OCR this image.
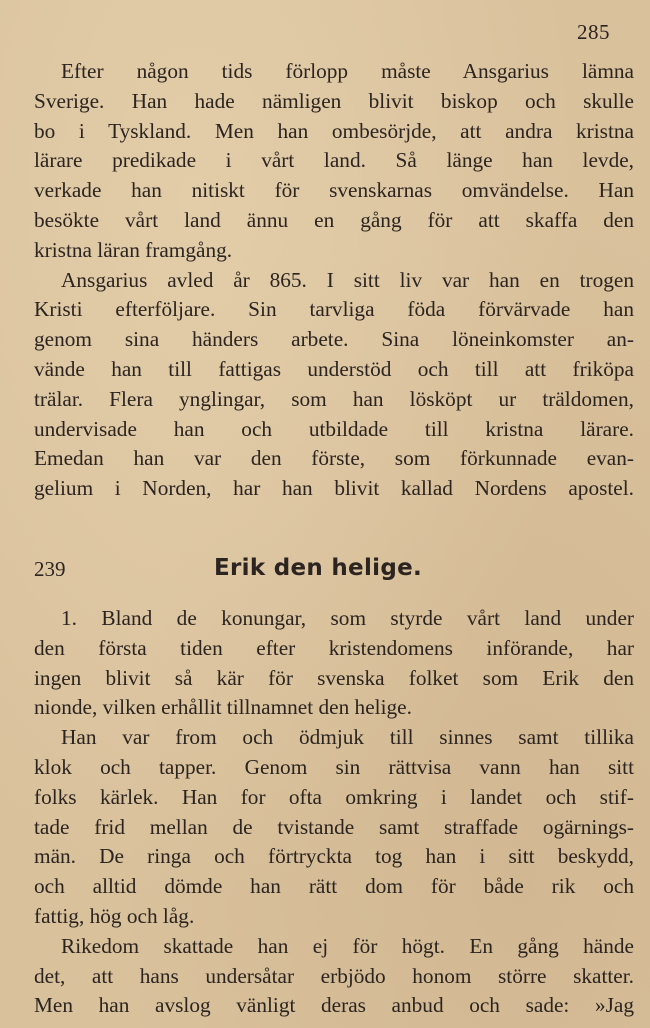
285
Efter någon tids förlopp måste Ansgarius lämna
Sverige. Han hade nämligen blivit biskop och skulle
bo i Tyskland. Men han ombesörjde, att andra kristna
lärare predikade i vårt land. Så länge han levde,
verkade han nitiskt för svenskarnas omvändelse. Han
besökte vårt land ännu en gång för att skaffa den
kristna läran framgång.
Ansgarius avled år 865. I sitt liv var han en trogen
Kristi efterföljare. Sin tarvliga föda förvärvade han
genom sina händers arbete. Sina löneinkomster an-
vände han till fattigas understöd och till att friköpa
trälar. Flera ynglingar, som han lösköpt ur träldomen,
undervisade han och utbildade till kristna lärare.
Emedan han var den förste, som förkunnade evan-
gelium i Norden, har han blivit kallad Nordens apostel.
239	Erik den helige.
1. Bland de konungar, som styrde vårt land under
den första tiden efter kristendomens införande, har
ingen blivit så kär för svenska folket som Erik den
nionde, vilken erhållit tillnamnet den helige.
Han var from och ödmjuk till sinnes samt tillika
klok och tapper. Genom sin rättvisa vann han sitt
folks kärlek. Han for ofta omkring i landet och stif-
tade frid mellan de tvistande samt straffade ogärnings-
män. De ringa och förtryckta tog han i sitt beskydd,
och alltid dömde han rätt dom för både rik och
fattig, hög och låg.
Rikedom skattade han ej för högt. En gång hände
det, att hans undersåtar erbjödo honom större skatter.
Men han avslog vänligt deras anbud och sade: »Jag
